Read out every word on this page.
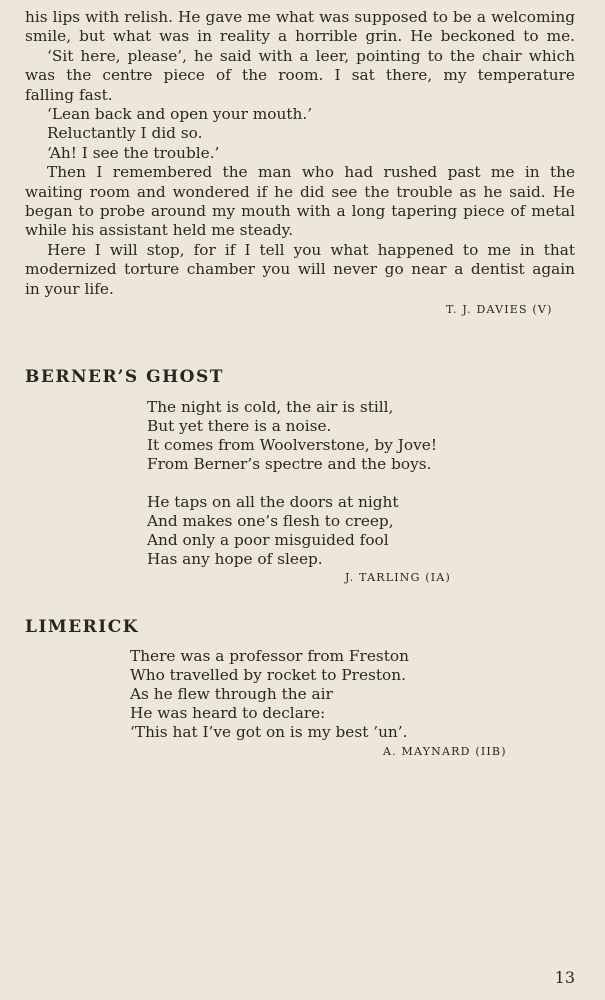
his lips with relish. He gave me what was supposed to be a welcoming
smile, but what was in reality a horrible grin. He beckoned to me.
‘Sit here, please’, he said with a leer, pointing to the chair which
was the centre piece of the room. I sat there, my temperature
falling fast.
‘Lean back and open your mouth.’
Reluctantly I did so.
‘Ah! I see the trouble.’
Then I remembered the man who had rushed past me in the
waiting room and wondered if he did see the trouble as he said. He
began to probe around my mouth with a long tapering piece of metal
while his assistant held me steady.
Here I will stop, for if I tell you what happened to me in that
modernized torture chamber you will never go near a dentist again
in your life.
T. J. DAVIES (V)
BERNER’S GHOST
The night is cold, the air is still,
But yet there is a noise.
It comes from Woolverstone, by Jove!
From Berner’s spectre and the boys.
He taps on all the doors at night
And makes one’s flesh to creep,
And only a poor misguided fool
Has any hope of sleep.
J. TARLING (IA)
LIMERICK
There was a professor from Freston
Who travelled by rocket to Preston.
As he flew through the air
He was heard to declare:
‘This hat I’ve got on is my best ’un’.
A. MAYNARD (IIB)
13
